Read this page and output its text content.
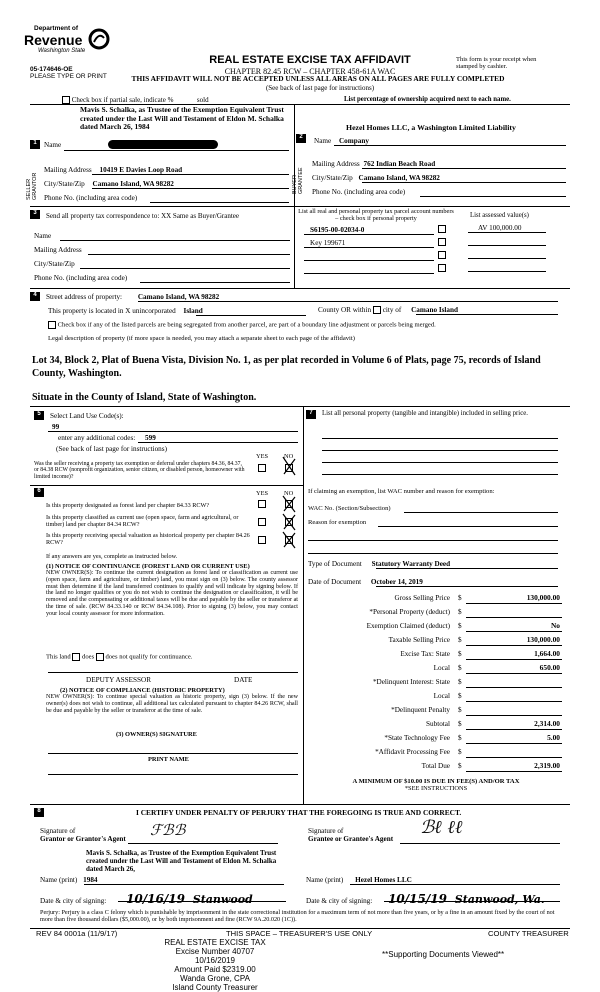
Department of
Revenue
Washington State
05-174646-OE
PLEASE TYPE OR PRINT
REAL ESTATE EXCISE TAX AFFIDAVIT
CHAPTER 82.45 RCW – CHAPTER 458-61A WAC
THIS AFFIDAVIT WILL NOT BE ACCEPTED UNLESS ALL AREAS ON ALL PAGES ARE FULLY COMPLETED
(See back of last page for instructions)
This form is your receipt when stamped by cashier.
Check box if partial sale, indicate %	sold	List percentage of ownership acquired next to each name.
Mavis S. Schalka, as Trustee of the Exemption Equivalent Trust created under the Last Will and Testament of Eldon M. Schalka dated March 26, 1984
1	Name
SELLER GRANTOR
Mailing Address 10419 E Davies Loop Road
City/State/Zip Camano Island, WA 98282
Phone No. (including area code)
Hezel Homes LLC, a Washington Limited Liability
2	Name Company
BUYER GRANTEE
Mailing Address 762 Indian Beach Road
City/State/Zip Camano Island, WA 98282
Phone No. (including area code)
3	Send all property tax correspondence to: XX Same as Buyer/Grantee
Name
Mailing Address
City/State/Zip
Phone No. (including area code)
List all real and personal property tax parcel account numbers – check box if personal property	List assessed value(s)
S6195-00-02034-0	AV 100,000.00
Key 199671
4	Street address of property: Camano Island, WA 98282
This property is located in X unincorporated Island	County OR within city of Camano Island
Check box if any of the listed parcels are being segregated from another parcel, are part of a boundary line adjustment or parcels being merged.
Legal description of property (if more space is needed, you may attach a separate sheet to each page of the affidavit)
Lot 34, Block 2, Plat of Buena Vista, Division No. 1, as per plat recorded in Volume 6 of Plats, page 75, records of Island County, Washington.
Situate in the County of Island, State of Washington.
5	Select Land Use Code(s):
99
enter any additional codes: 599
(See back of last page for instructions)
YES NO
Was the seller receiving a property tax exemption or deferral under chapters 84.36, 84.37, or 84.38 RCW (nonprofit organization, senior citizen, or disabled person, homeowner with limited income)?
6	YES NO
Is this property designated as forest land per chapter 84.33 RCW?
Is this property classified as current use (open space, farm and agricultural, or timber) land per chapter 84.34 RCW?
Is this property receiving special valuation as historical property per chapter 84.26 RCW?
If any answers are yes, complete as instructed below.
(1) NOTICE OF CONTINUANCE (FOREST LAND OR CURRENT USE)
NEW OWNER(S): To continue the current designation as forest land or classification as current use (open space, farm and agriculture, or timber) land, you must sign on (3) below. The county assessor must then determine if the land transferred continues to qualify and will indicate by signing below. If the land no longer qualifies or you do not wish to continue the designation or classification, it will be removed and the compensating or additional taxes will be due and payable by the seller or transferor at the time of sale. (RCW 84.33.140 or RCW 84.34.108). Prior to signing (3) below, you may contact your local county assessor for more information.
This land does does not qualify for continuance.
DEPUTY ASSESSOR	DATE
(2) NOTICE OF COMPLIANCE (HISTORIC PROPERTY)
NEW OWNER(S): To continue special valuation as historic property, sign (3) below. If the new owner(s) does not wish to continue, all additional tax calculated pursuant to chapter 84.26 RCW, shall be due and payable by the seller or transferor at the time of sale.
(3) OWNER(S) SIGNATURE
PRINT NAME
7	List all personal property (tangible and intangible) included in selling price.
If claiming an exemption, list WAC number and reason for exemption:
WAC No. (Section/Subsection)
Reason for exemption
Type of Document Statutory Warranty Deed
Date of Document October 14, 2019
Gross Selling Price $	130,000.00
*Personal Property (deduct) $
Exemption Claimed (deduct) $	No
Taxable Selling Price $	130,000.00
Excise Tax: State $	1,664.00
Local $	650.00
*Delinquent Interest: State $
Local $
*Delinquent Penalty $
Subtotal $	2,314.00
*State Technology Fee $	5.00
*Affidavit Processing Fee $
Total Due $	2,319.00
A MINIMUM OF $10.00 IS DUE IN FEE(S) AND/OR TAX
*SEE INSTRUCTIONS
8	I CERTIFY UNDER PENALTY OF PERJURY THAT THE FOREGOING IS TRUE AND CORRECT.
Signature of
Grantor or Grantor's Agent ℱℬℬ	Signature of
Grantee or Grantee's Agent
ℬℓ ℓℓ
Mavis S. Schalka, as Trustee of the Exemption Equivalent Trust created under the Last Will and Testament of Eldon M. Schalka dated March 26,
Name (print) 1984	Name (print) Hezel Homes LLC
Date & city of signing: 10/16/19 Stanwood	Date & city of signing: 10/15/19 Stanwood, Wa.
Perjury: Perjury is a class C felony which is punishable by imprisonment in the state correctional institution for a maximum term of not more than five years, or by a fine in an amount fixed by the court of not more than five thousand dollars ($5,000.00), or by both imprisonment and fine (RCW 9A.20.020 (1C)).
REV 84 0001a (11/9/17)	THIS SPACE – TREASURER'S USE ONLY	COUNTY TREASURER
REAL ESTATE EXCISE TAX
Excise Number 40707
10/16/2019
Amount Paid $2319.00
Wanda Grone, CPA
Island County Treasurer
**Supporting Documents Viewed**
